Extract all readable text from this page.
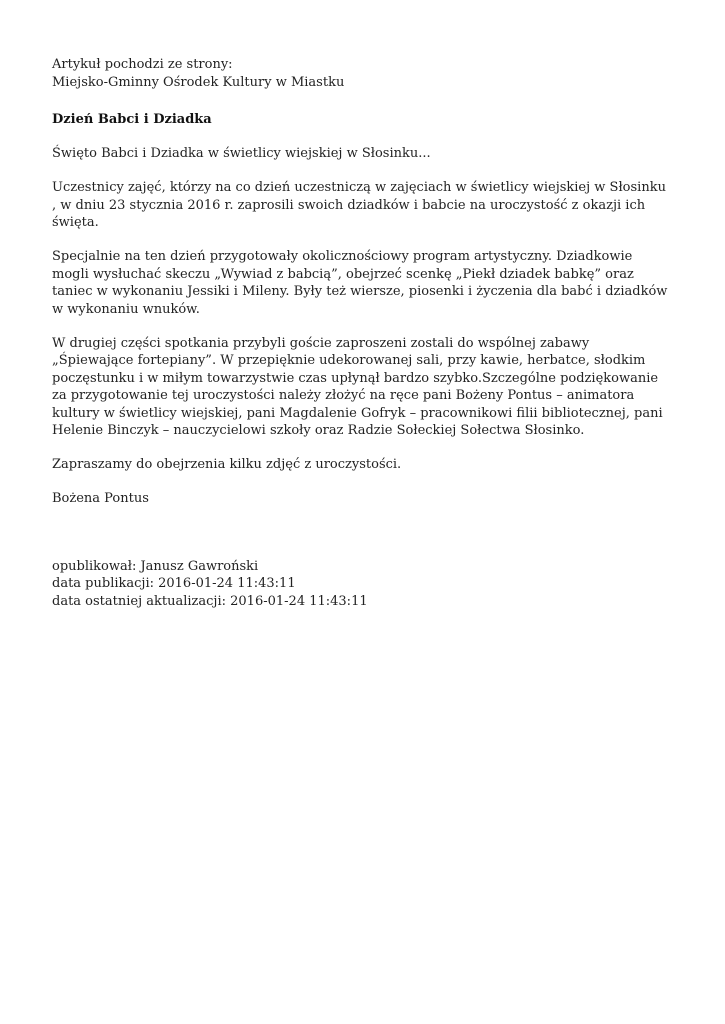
Artykuł pochodzi ze strony:

Miejsko-Gminny Ośrodek Kultury w Miastku

Dzień Babci i Dziadka

Święto Babci i Dziadka w świetlicy wiejskiej w Słosinku...

Uczestnicy zajęć, którzy na co dzień uczestniczą w zajęciach w świetlicy wiejskiej w Słosinku , w dniu 23 stycznia 2016 r. zaprosili swoich dziadków i babcie na uroczystość z okazji ich święta.

Specjalnie na ten dzień przygotowały okolicznościowy program artystyczny. Dziadkowie mogli wysłuchać skeczu „Wywiad z babcią”, obejrzeć scenkę „Piekł dziadek babkę” oraz taniec w wykonaniu Jessiki i Mileny. Były też wiersze, piosenki i życzenia dla babć i dziadków w wykonaniu wnuków.

W drugiej części spotkania przybyli goście zaproszeni zostali do wspólnej zabawy „Śpiewające fortepiany”. W przepięknie udekorowanej sali, przy kawie, herbatce, słodkim poczęstunku i w miłym towarzystwie czas upłynął bardzo szybko.Szczególne podziękowanie za przygotowanie tej uroczystości należy złożyć na ręce pani Bożeny Pontus – animatora kultury w świetlicy wiejskiej, pani Magdalenie Gofryk – pracownikowi filii bibliotecznej, pani Helenie Binczyk – nauczycielowi szkoły oraz Radzie Sołeckiej Sołectwa Słosinko.

Zapraszamy do obejrzenia kilku zdjęć z uroczystości.

Bożena Pontus

opublikował: Janusz Gawroński

data publikacji: 2016-01-24 11:43:11

data ostatniej aktualizacji: 2016-01-24 11:43:11
